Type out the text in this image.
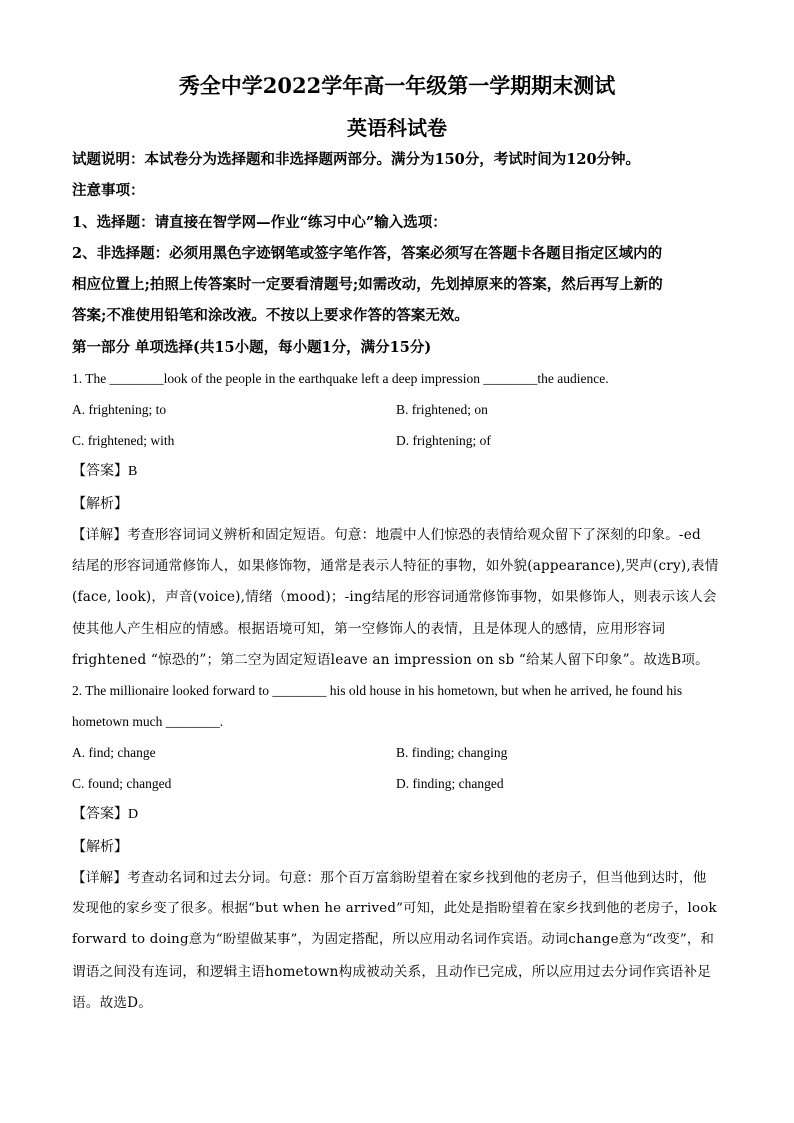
秀全中学2022学年高一年级第一学期期末测试
英语科试卷
试题说明：本试卷分为选择题和非选择题两部分。满分为150分，考试时间为120分钟。
注意事项：
1、选择题：请直接在智学网—作业“练习中心”输入选项：
2、非选择题：必须用黑色字迹钢笔或签字笔作答，答案必须写在答题卡各题目指定区域内的
相应位置上;拍照上传答案时一定要看清题号;如需改动，先划掉原来的答案，然后再写上新的
答案;不准使用铅笔和涂改液。不按以上要求作答的答案无效。
第一部分 单项选择(共15小题，每小题1分，满分15分)
1. The ________look of the people in the earthquake left a deep impression ________the audience.
A. frightening; to	B. frightened; on
C. frightened; with	D. frightening; of
【答案】B
【解析】
【详解】考查形容词词义辨析和固定短语。句意：地震中人们惊恐的表情给观众留下了深刻的印象。-ed
结尾的形容词通常修饰人，如果修饰物，通常是表示人特征的事物，如外貌(appearance),哭声(cry),表情
(face, look)，声音(voice),情绪（mood)；-ing结尾的形容词通常修饰事物，如果修饰人，则表示该人会
使其他人产生相应的情感。根据语境可知，第一空修饰人的表情，且是体现人的感情，应用形容词
frightened “惊恐的”；第二空为固定短语leave an impression on sb “给某人留下印象”。故选B项。
2. The millionaire looked forward to ________ his old house in his hometown, but when he arrived, he found his
hometown much ________.
A. find; change	B. finding; changing
C. found; changed	D. finding; changed
【答案】D
【解析】
【详解】考查动名词和过去分词。句意：那个百万富翁盼望着在家乡找到他的老房子，但当他到达时，他
发现他的家乡变了很多。根据“but when he arrived”可知，此处是指盼望着在家乡找到他的老房子，look
forward to doing意为“盼望做某事”，为固定搭配，所以应用动名词作宾语。动词change意为“改变”，和
谓语之间没有连词，和逻辑主语hometown构成被动关系，且动作已完成，所以应用过去分词作宾语补足
语。故选D。
